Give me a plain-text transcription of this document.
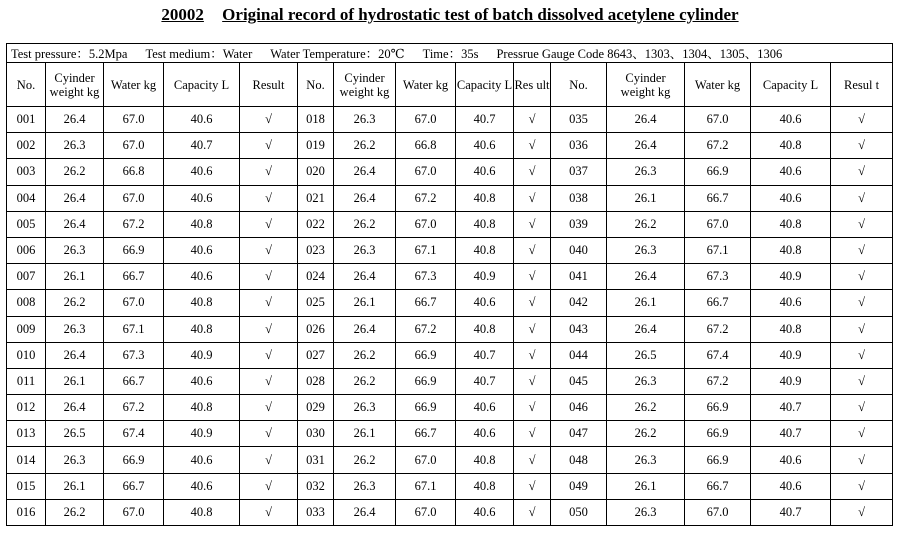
20002 Original record of hydrostatic test of batch dissolved acetylene cylinder
Test pressure：5.2Mpa Test medium：Water Water Temperature：20℃ Time：35s Pressrue Gauge Code 8643、1303、1304、1305、1306														
No.	Cyinder weight kg	Water kg	Capacity L	Result	No.	Cyinder weight kg	Water kg	Capacity L	Res ult	No.	Cyinder weight kg	Water kg	Capacity L	Resul t
001	26.4	67.0	40.6	√	018	26.3	67.0	40.7	√	035	26.4	67.0	40.6	√
002	26.3	67.0	40.7	√	019	26.2	66.8	40.6	√	036	26.4	67.2	40.8	√
003	26.2	66.8	40.6	√	020	26.4	67.0	40.6	√	037	26.3	66.9	40.6	√
004	26.4	67.0	40.6	√	021	26.4	67.2	40.8	√	038	26.1	66.7	40.6	√
005	26.4	67.2	40.8	√	022	26.2	67.0	40.8	√	039	26.2	67.0	40.8	√
006	26.3	66.9	40.6	√	023	26.3	67.1	40.8	√	040	26.3	67.1	40.8	√
007	26.1	66.7	40.6	√	024	26.4	67.3	40.9	√	041	26.4	67.3	40.9	√
008	26.2	67.0	40.8	√	025	26.1	66.7	40.6	√	042	26.1	66.7	40.6	√
009	26.3	67.1	40.8	√	026	26.4	67.2	40.8	√	043	26.4	67.2	40.8	√
010	26.4	67.3	40.9	√	027	26.2	66.9	40.7	√	044	26.5	67.4	40.9	√
011	26.1	66.7	40.6	√	028	26.2	66.9	40.7	√	045	26.3	67.2	40.9	√
012	26.4	67.2	40.8	√	029	26.3	66.9	40.6	√	046	26.2	66.9	40.7	√
013	26.5	67.4	40.9	√	030	26.1	66.7	40.6	√	047	26.2	66.9	40.7	√
014	26.3	66.9	40.6	√	031	26.2	67.0	40.8	√	048	26.3	66.9	40.6	√
015	26.1	66.7	40.6	√	032	26.3	67.1	40.8	√	049	26.1	66.7	40.6	√
016	26.2	67.0	40.8	√	033	26.4	67.0	40.6	√	050	26.3	67.0	40.7	√
